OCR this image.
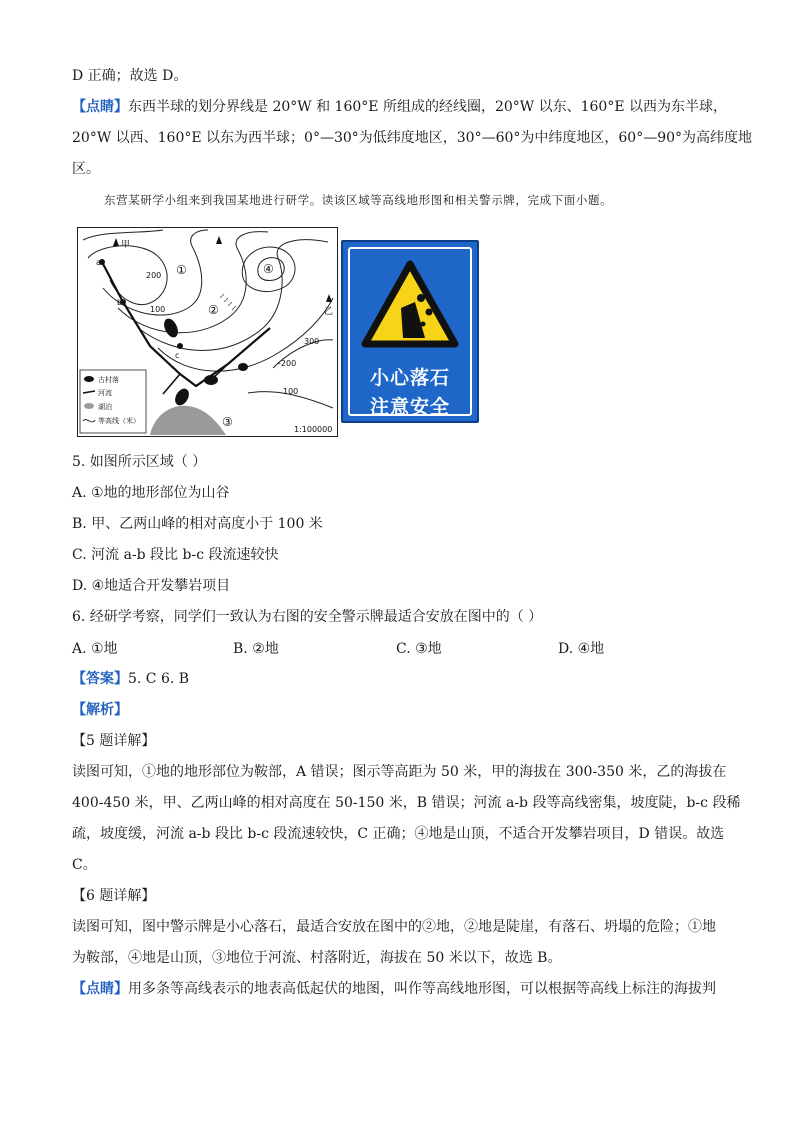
D 正确；故选 D。
【点睛】东西半球的划分界线是 20°W 和 160°E 所组成的经线圈，20°W 以东、160°E 以西为东半球，
20°W 以西、160°E 以东为西半球；0°—30°为低纬度地区，30°—60°为中纬度地区，60°—90°为高纬度地
区。
东营某研学小组来到我国某地进行研学。读该区域等高线地形图和相关警示牌，完成下面小题。
a
b
c
甲
乙
①
②
③
④
200
100
300
-200
100
1:100000
古村落
河流
湖泊
等高线（米）
小心落石
注意安全
5. 如图所示区域（ ）
A. ①地的地形部位为山谷
B. 甲、乙两山峰的相对高度小于 100 米
C. 河流 a-b 段比 b-c 段流速较快
D. ④地适合开发攀岩项目
6. 经研学考察，同学们一致认为右图的安全警示牌最适合安放在图中的（ ）
A. ①地	B. ②地	C. ③地	D. ④地
【答案】5. C 6. B
【解析】
【5 题详解】
读图可知，①地的地形部位为鞍部，A 错误；图示等高距为 50 米，甲的海拔在 300-350 米，乙的海拔在
400-450 米，甲、乙两山峰的相对高度在 50-150 米，B 错误；河流 a-b 段等高线密集，坡度陡，b-c 段稀
疏，坡度缓，河流 a-b 段比 b-c 段流速较快，C 正确；④地是山顶，不适合开发攀岩项目，D 错误。故选
C。
【6 题详解】
读图可知，图中警示牌是小心落石，最适合安放在图中的②地，②地是陡崖，有落石、坍塌的危险；①地
为鞍部，④地是山顶，③地位于河流、村落附近，海拔在 50 米以下，故选 B。
【点睛】用多条等高线表示的地表高低起伏的地图，叫作等高线地形图，可以根据等高线上标注的海拔判
